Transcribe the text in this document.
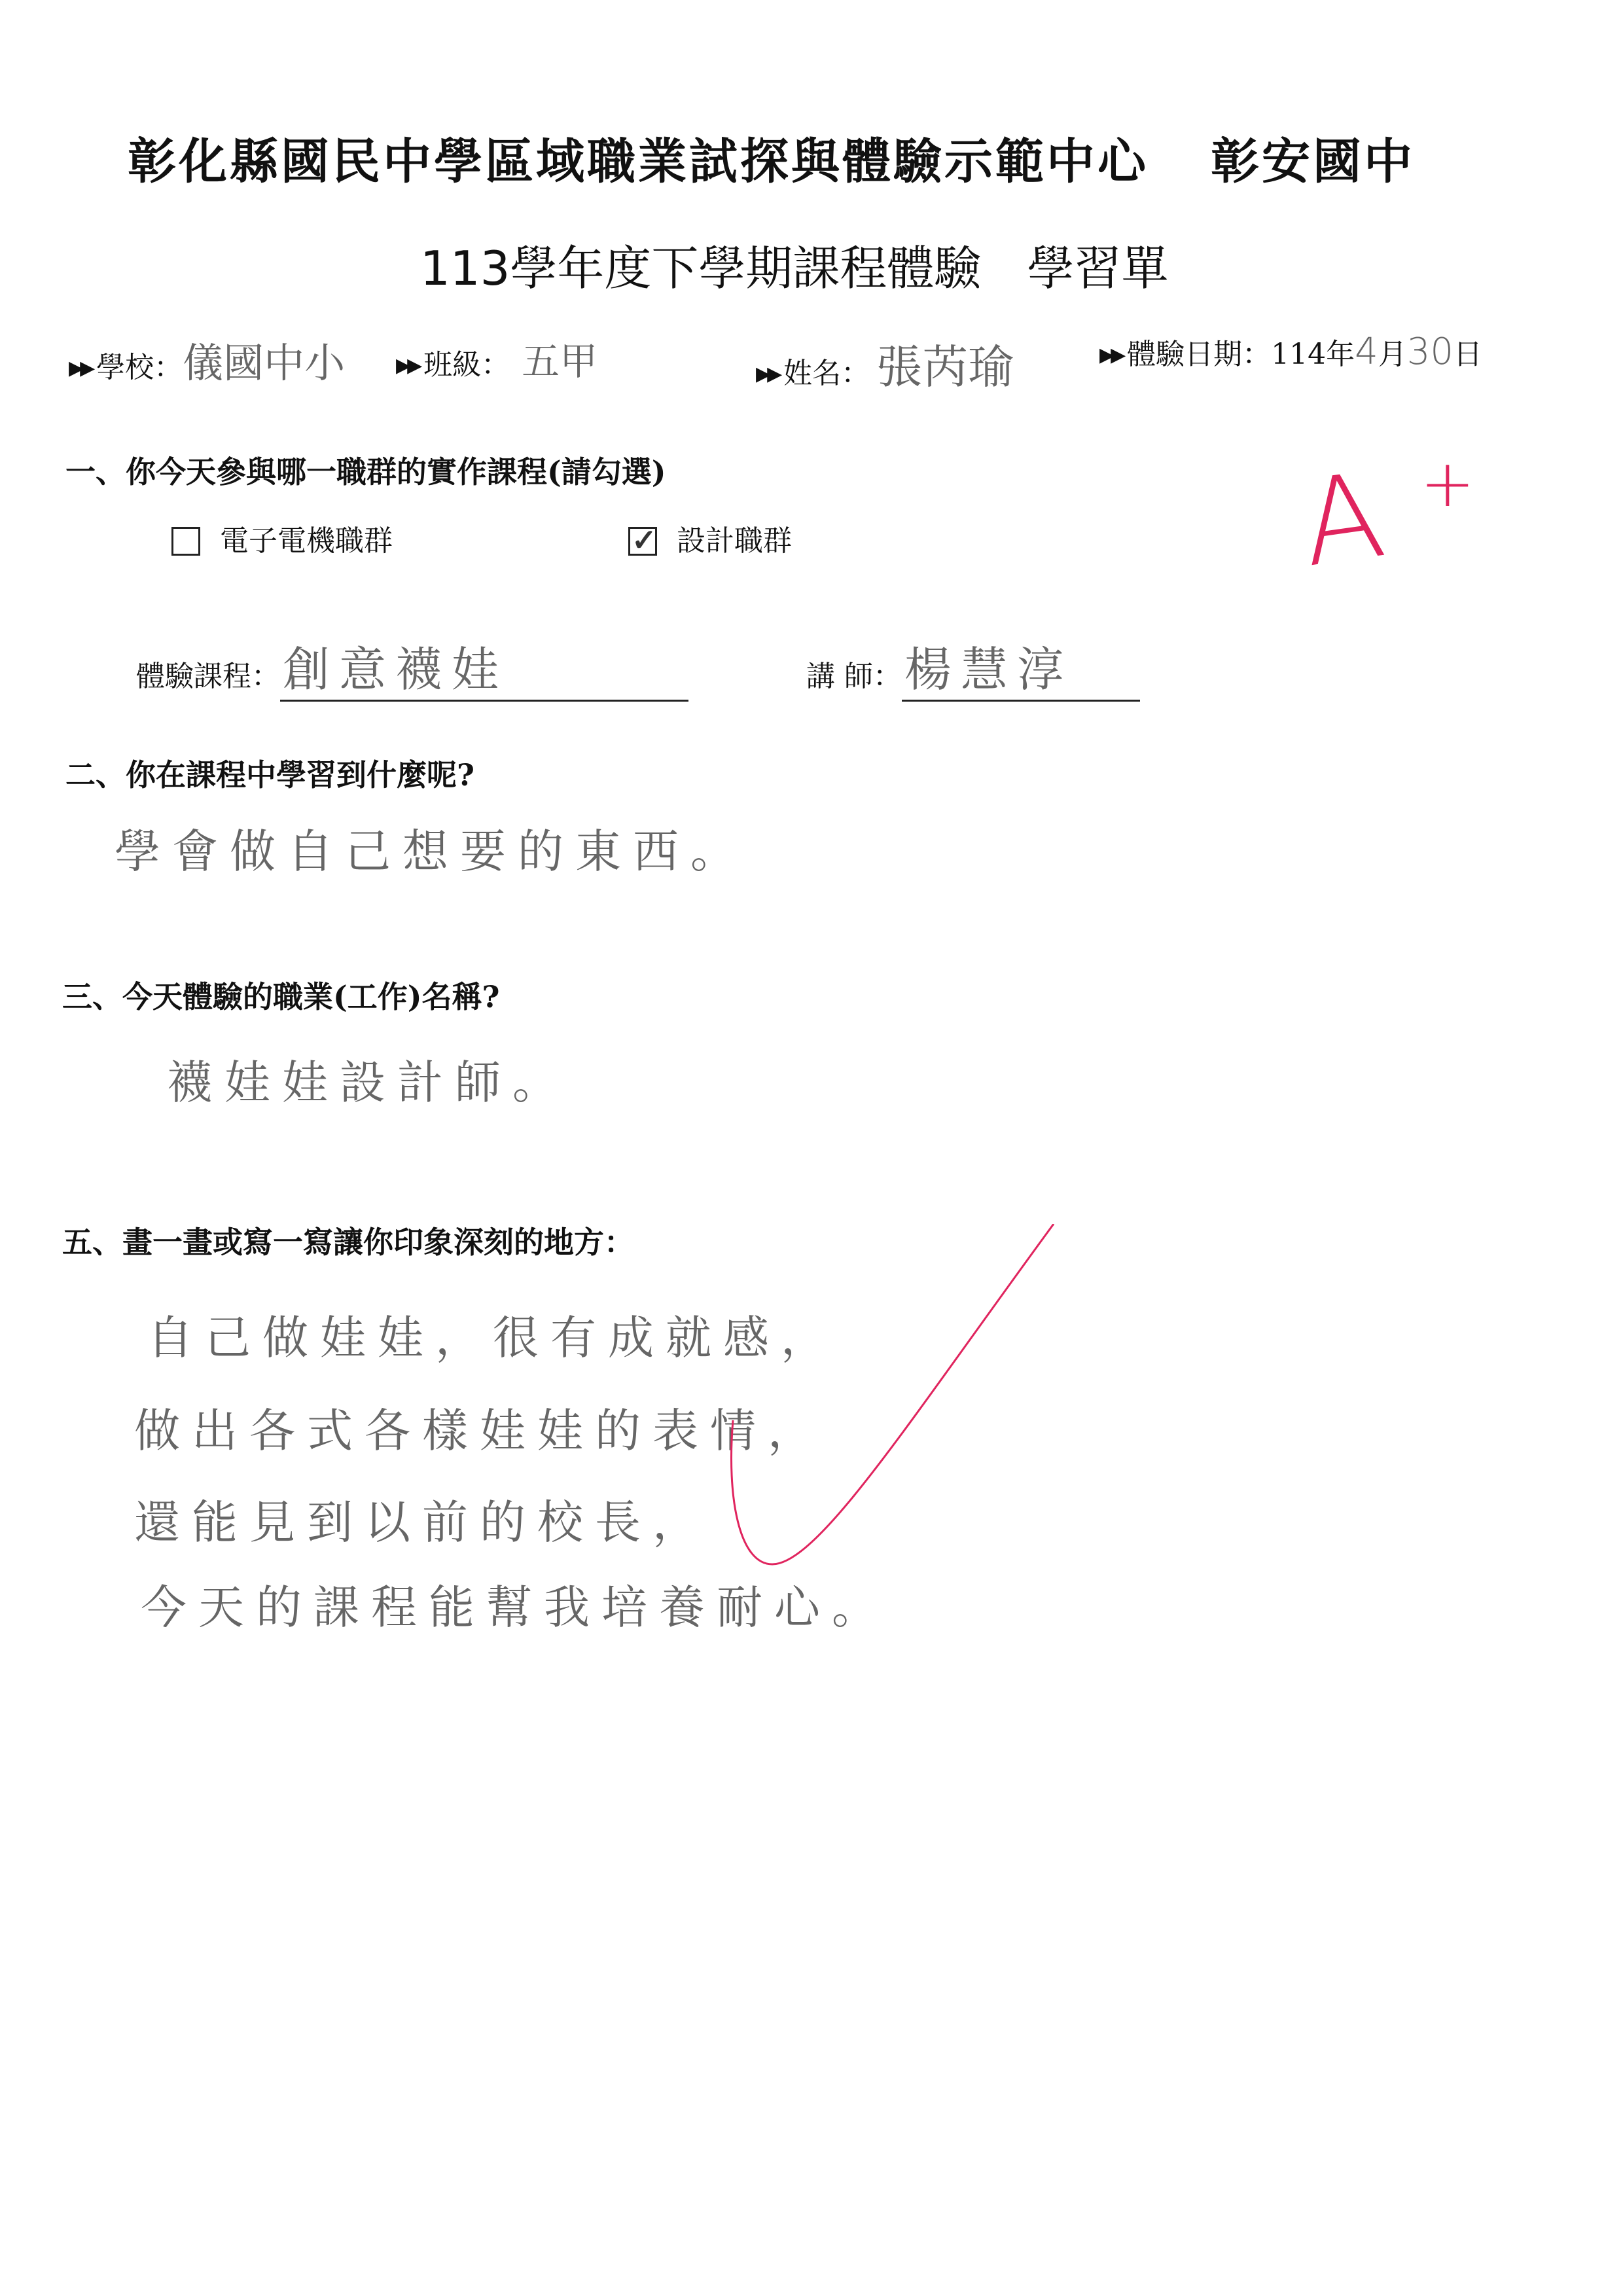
彰化縣國民中學區域職業試探與體驗示範中心 彰安國中
113學年度下學期課程體驗 學習單
▶▶ 學校：儀國中小	▶▶ 班級： 五甲	▶▶ 姓名： 張芮瑜	▶▶ 體驗日期：114年4月30日
一、你今天參與哪一職群的實作課程(請勾選)
電子電機職群	✓ 設計職群
體驗課程：創意襪娃	講 師：楊慧淳
二、你在課程中學習到什麼呢?
學會做自己想要的東西。
三、今天體驗的職業(工作)名稱?
襪娃娃設計師。
五、畫一畫或寫一寫讓你印象深刻的地方：
自己做娃娃，很有成就感，
做出各式各樣娃娃的表情，
還能見到以前的校長，
今天的課程能幫我培養耐心。
A +
